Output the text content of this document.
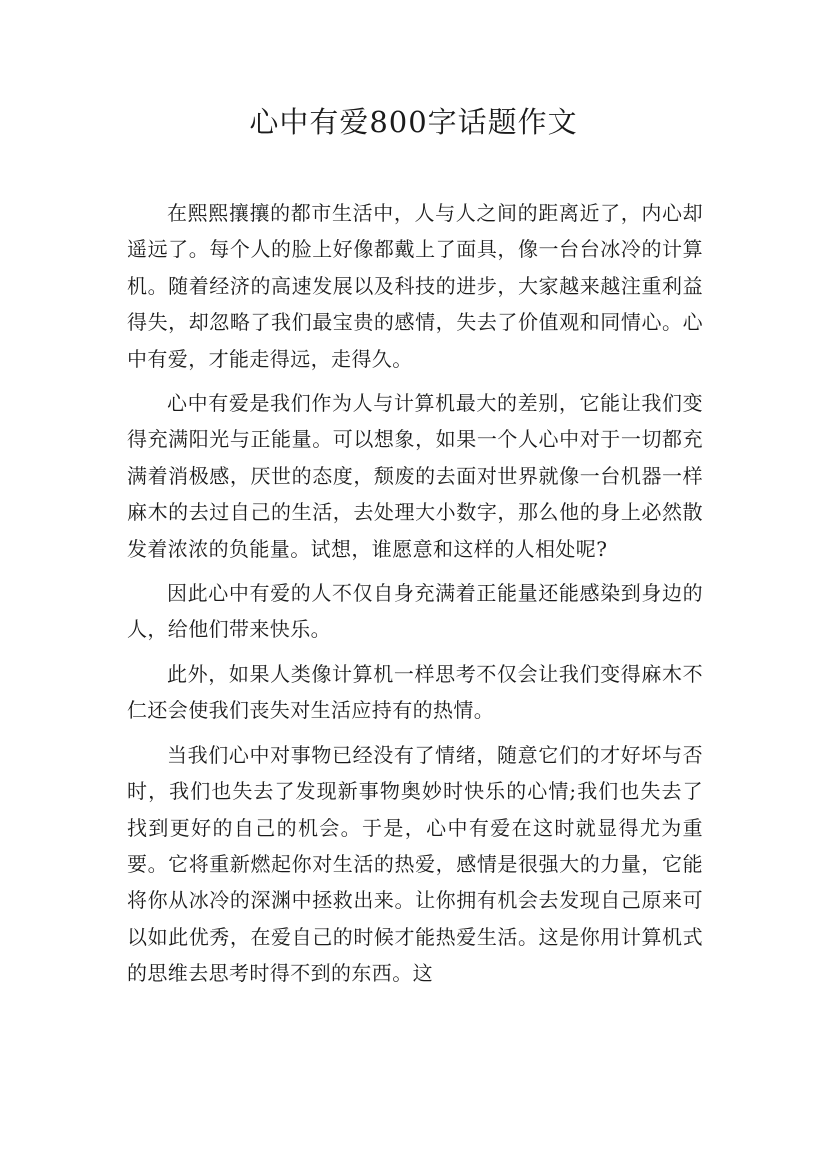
心中有爱800字话题作文

在熙熙攘攘的都市生活中，人与人之间的距离近了，内心却遥远了。每个人的脸上好像都戴上了面具，像一台台冰冷的计算机。随着经济的高速发展以及科技的进步，大家越来越注重利益得失，却忽略了我们最宝贵的感情，失去了价值观和同情心。心中有爱，才能走得远，走得久。

心中有爱是我们作为人与计算机最大的差别，它能让我们变得充满阳光与正能量。可以想象，如果一个人心中对于一切都充满着消极感，厌世的态度，颓废的去面对世界就像一台机器一样麻木的去过自己的生活，去处理大小数字，那么他的身上必然散发着浓浓的负能量。试想，谁愿意和这样的人相处呢?

因此心中有爱的人不仅自身充满着正能量还能感染到身边的人，给他们带来快乐。

此外，如果人类像计算机一样思考不仅会让我们变得麻木不仁还会使我们丧失对生活应持有的热情。

当我们心中对事物已经没有了情绪，随意它们的才好坏与否时，我们也失去了发现新事物奥妙时快乐的心情;我们也失去了找到更好的自己的机会。于是，心中有爱在这时就显得尤为重要。它将重新燃起你对生活的热爱，感情是很强大的力量，它能将你从冰冷的深渊中拯救出来。让你拥有机会去发现自己原来可以如此优秀，在爱自己的时候才能热爱生活。这是你用计算机式的思维去思考时得不到的东西。这
